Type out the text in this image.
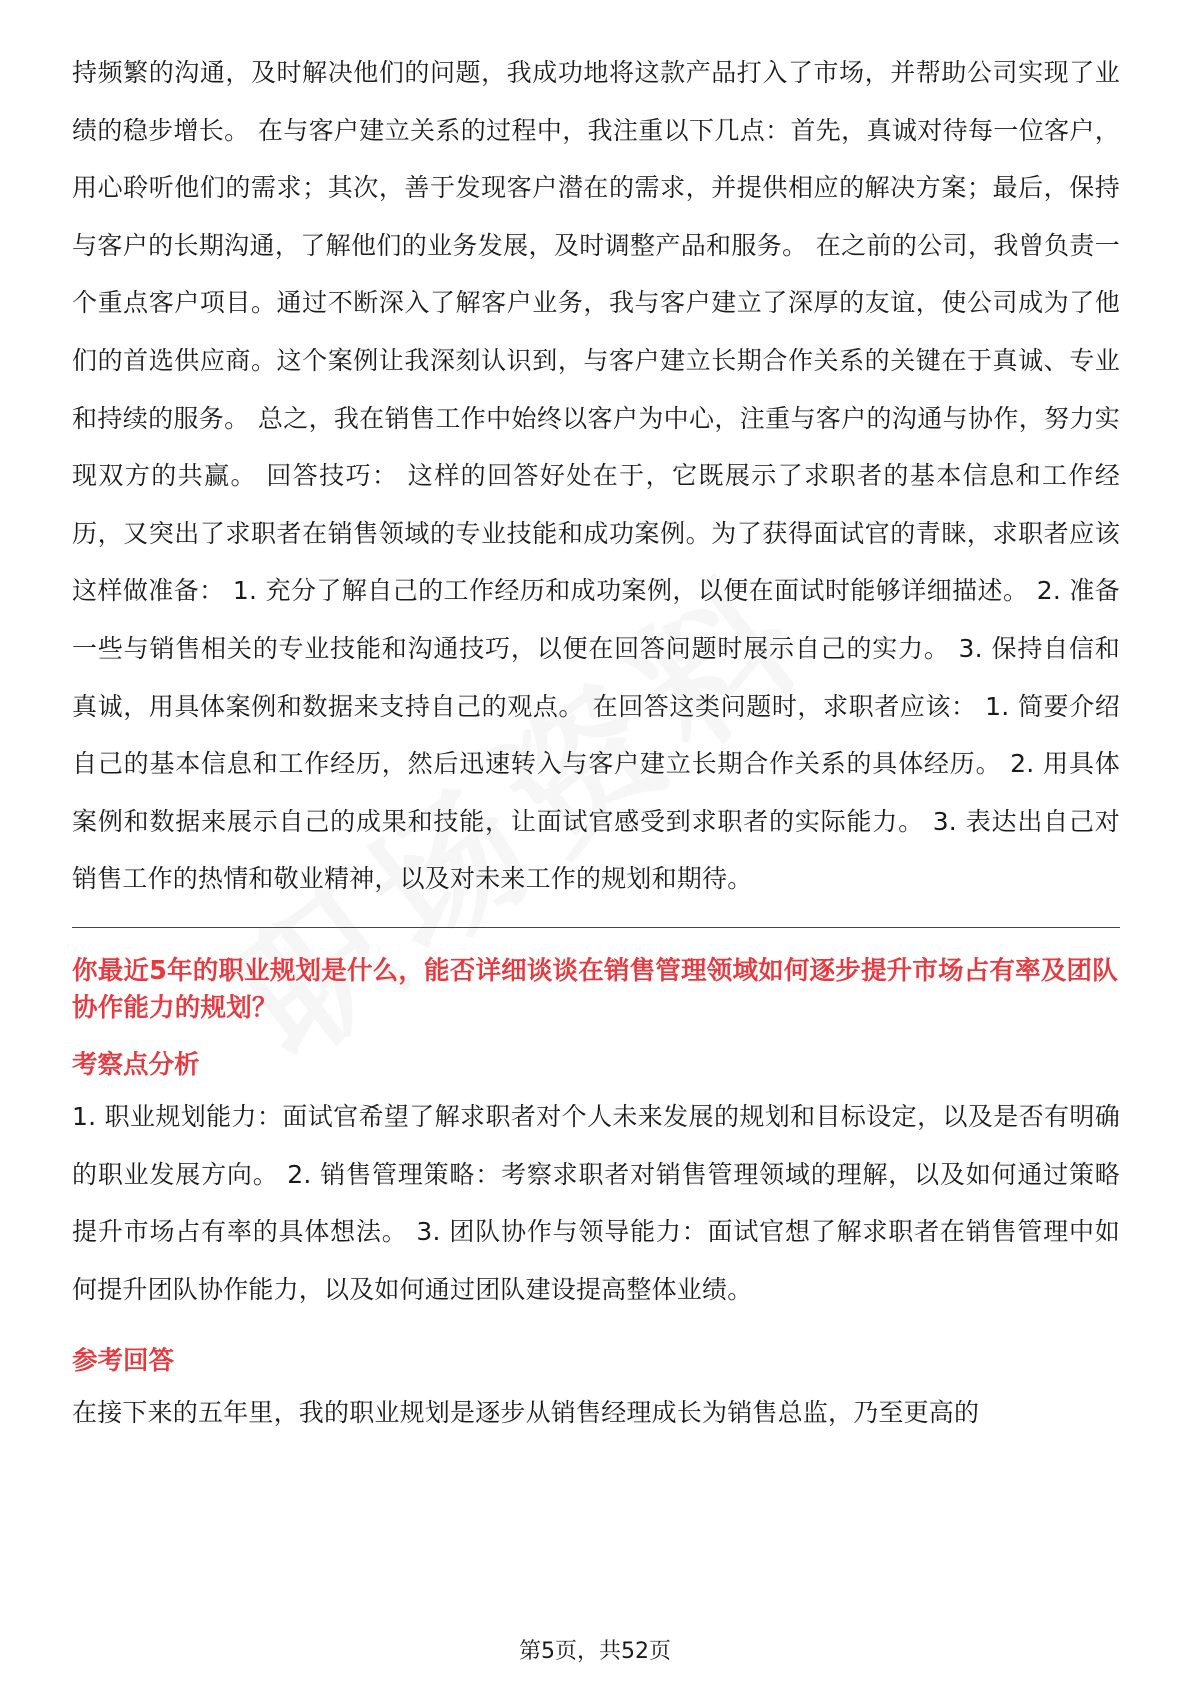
持频繁的沟通，及时解决他们的问题，我成功地将这款产品打入了市场，并帮助公司实现了业绩的稳步增长。 在与客户建立关系的过程中，我注重以下几点：首先，真诚对待每一位客户，用心聆听他们的需求；其次，善于发现客户潜在的需求，并提供相应的解决方案；最后，保持与客户的长期沟通，了解他们的业务发展，及时调整产品和服务。 在之前的公司，我曾负责一个重点客户项目。通过不断深入了解客户业务，我与客户建立了深厚的友谊，使公司成为了他们的首选供应商。这个案例让我深刻认识到，与客户建立长期合作关系的关键在于真诚、专业和持续的服务。 总之，我在销售工作中始终以客户为中心，注重与客户的沟通与协作，努力实现双方的共赢。 回答技巧： 这样的回答好处在于，它既展示了求职者的基本信息和工作经历，又突出了求职者在销售领域的专业技能和成功案例。为了获得面试官的青睐，求职者应该这样做准备： 1. 充分了解自己的工作经历和成功案例，以便在面试时能够详细描述。 2. 准备一些与销售相关的专业技能和沟通技巧，以便在回答问题时展示自己的实力。 3. 保持自信和真诚，用具体案例和数据来支持自己的观点。 在回答这类问题时，求职者应该： 1. 简要介绍自己的基本信息和工作经历，然后迅速转入与客户建立长期合作关系的具体经历。 2. 用具体案例和数据来展示自己的成果和技能，让面试官感受到求职者的实际能力。 3. 表达出自己对销售工作的热情和敬业精神，以及对未来工作的规划和期待。

你最近5年的职业规划是什么，能否详细谈谈在销售管理领域如何逐步提升市场占有率及团队协作能力的规划？

考察点分析

1. 职业规划能力：面试官希望了解求职者对个人未来发展的规划和目标设定，以及是否有明确的职业发展方向。 2. 销售管理策略：考察求职者对销售管理领域的理解，以及如何通过策略提升市场占有率的具体想法。 3. 团队协作与领导能力：面试官想了解求职者在销售管理中如何提升团队协作能力，以及如何通过团队建设提高整体业绩。

参考回答

在接下来的五年里，我的职业规划是逐步从销售经理成长为销售总监，乃至更高的

第5页，共52页
